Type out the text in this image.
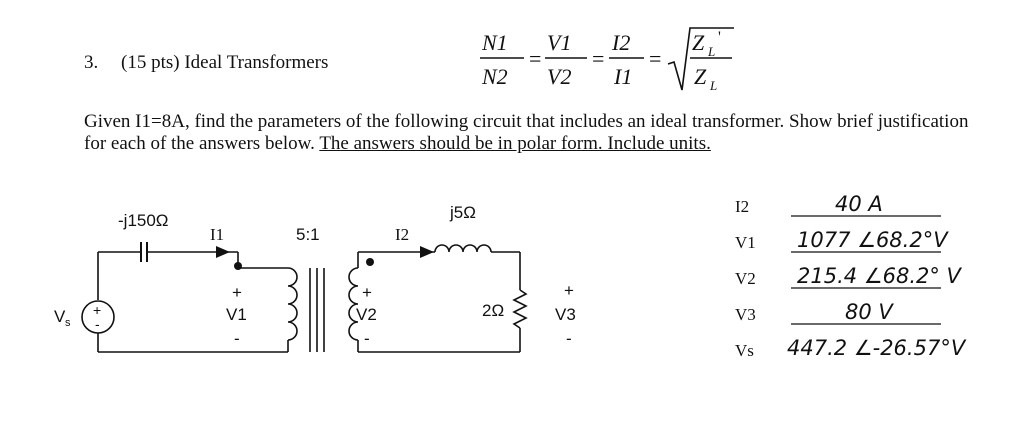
3. (15 pts) Ideal Transformers
N1
N2
=
V1
V2
=
I2
I1
=
Z L
'
Z L
Given I1=8A, find the parameters of the following circuit that includes an ideal transformer. Show brief justification for each of the answers below. The answers should be in polar form. Include units.
+
-
-j150Ω
I1	5:1	I2
j5Ω
2Ω
V s
+
V1
-
+
V2
-
+
V3
-
I2	40 A
V1 1077 ∠68.2°V
V2 215.4 ∠68.2° V
V3	80 V
Vs 447.2 ∠-26.57°V
